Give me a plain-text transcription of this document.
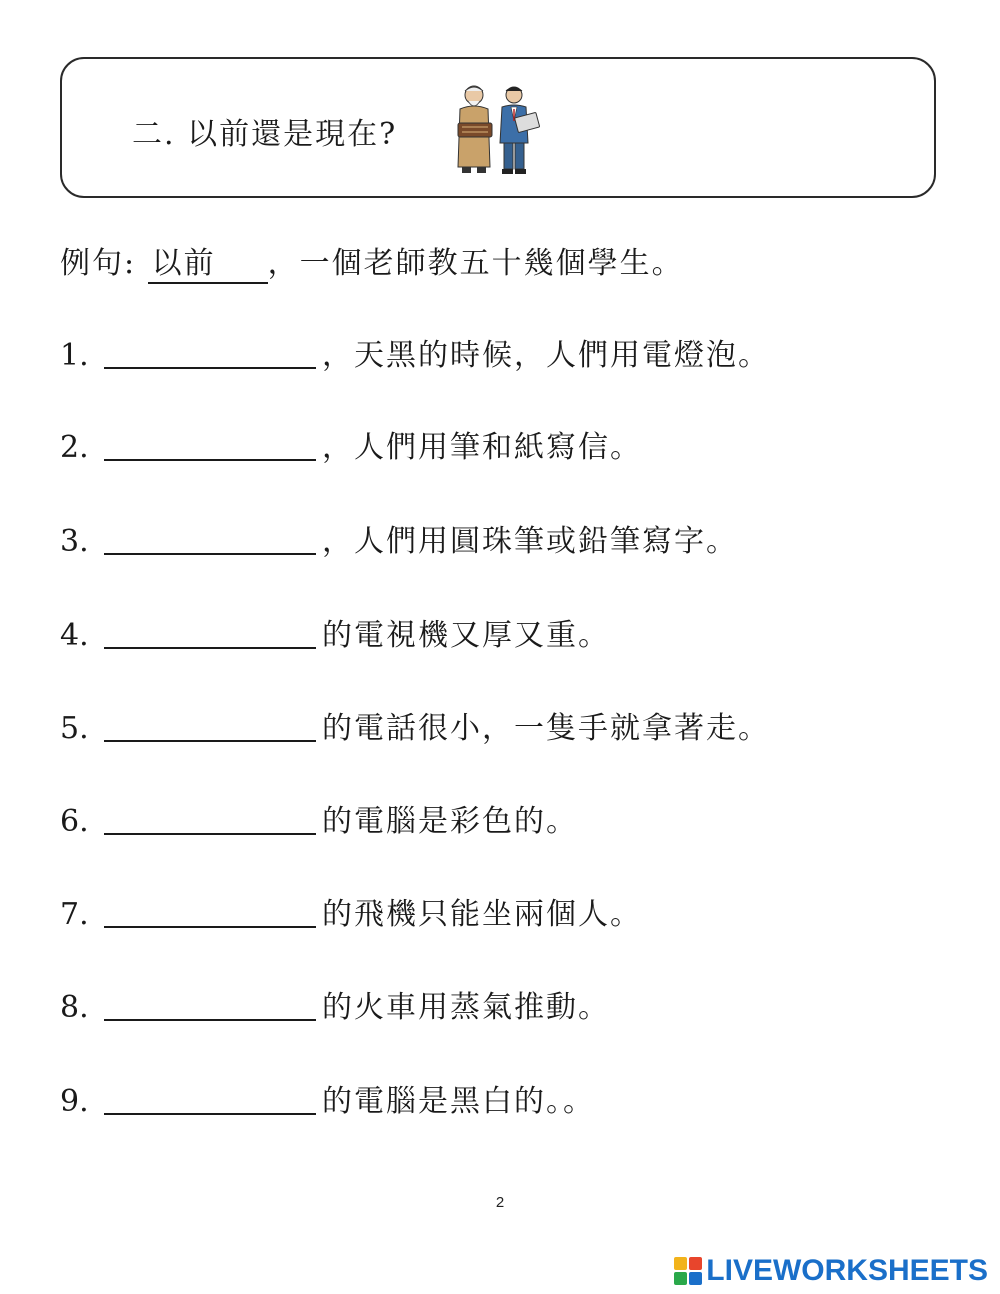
二. 以前還是現在?
例句: 以前 ，一個老師教五十幾個學生。
1.	，天黑的時候，人們用電燈泡。
2.	，人們用筆和紙寫信。
3.	，人們用圓珠筆或鉛筆寫字。
4.	的電視機又厚又重。
5.	的電話很小，一隻手就拿著走。
6.	的電腦是彩色的。
7.	的飛機只能坐兩個人。
8.	的火車用蒸氣推動。
9.	的電腦是黑白的。。
2
LIVEWORKSHEETS
